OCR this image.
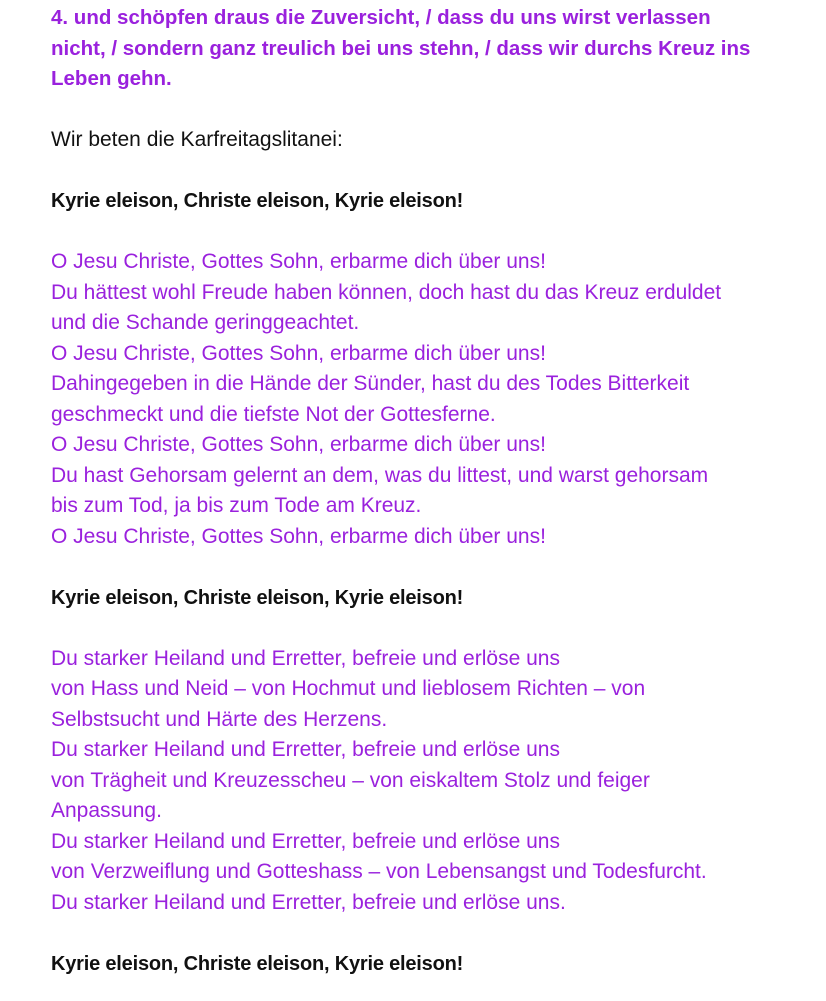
4. und schöpfen draus die Zuversicht, / dass du uns wirst verlassen
nicht, / sondern ganz treulich bei uns stehn, / dass wir durchs Kreuz ins
Leben gehn.
Wir beten die Karfreitagslitanei:
Kyrie eleison, Christe eleison, Kyrie eleison!
O Jesu Christe, Gottes Sohn, erbarme dich über uns!
Du hättest wohl Freude haben können, doch hast du das Kreuz erduldet
und die Schande geringgeachtet.
O Jesu Christe, Gottes Sohn, erbarme dich über uns!
Dahingegeben in die Hände der Sünder, hast du des Todes Bitterkeit
geschmeckt und die tiefste Not der Gottesferne.
O Jesu Christe, Gottes Sohn, erbarme dich über uns!
Du hast Gehorsam gelernt an dem, was du littest, und warst gehorsam
bis zum Tod, ja bis zum Tode am Kreuz.
O Jesu Christe, Gottes Sohn, erbarme dich über uns!
Kyrie eleison, Christe eleison, Kyrie eleison!
Du starker Heiland und Erretter, befreie und erlöse uns
von Hass und Neid – von Hochmut und lieblosem Richten – von
Selbstsucht und Härte des Herzens.
Du starker Heiland und Erretter, befreie und erlöse uns
von Trägheit und Kreuzesscheu – von eiskaltem Stolz und feiger
Anpassung.
Du starker Heiland und Erretter, befreie und erlöse uns
von Verzweiflung und Gotteshass – von Lebensangst und Todesfurcht.
Du starker Heiland und Erretter, befreie und erlöse uns.
Kyrie eleison, Christe eleison, Kyrie eleison!
